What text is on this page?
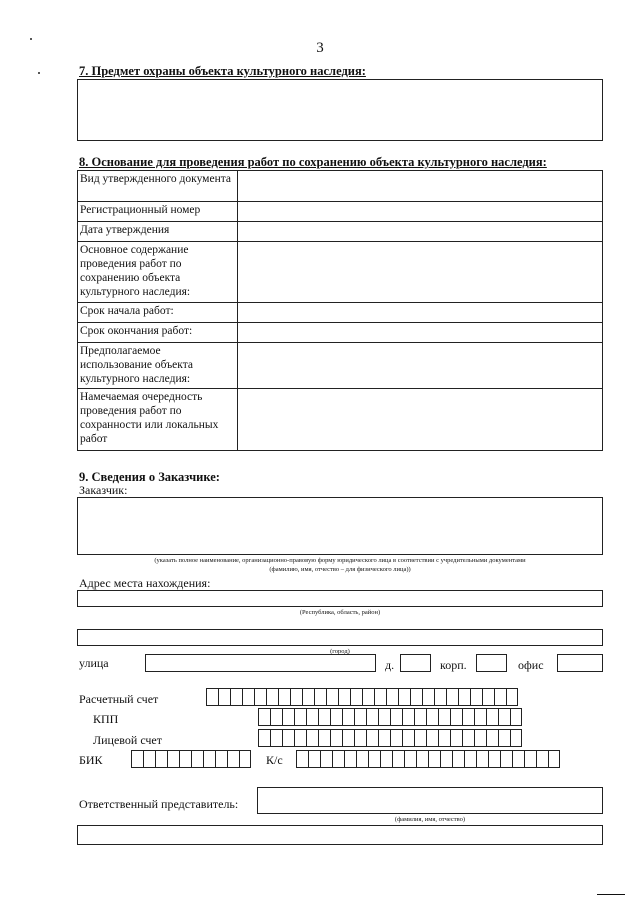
3
7. Предмет охраны объекта культурного наследия:
8. Основание для проведения работ по сохранению объекта культурного наследия:
Вид утвержденного документа	
Регистрационный номер	
Дата утверждения	
Основное содержание проведения работ по сохранению объекта культурного наследия:	
Срок начала работ:	
Срок окончания работ:	
Предполагаемое использование объекта культурного наследия:	
Намечаемая очередность проведения работ по сохранности или локальных работ	
9. Сведения о Заказчике:
Заказчик:
(указать полное наименование, организационно-правовую форму юридического лица в соответствии с учредительными документами
(фамилию, имя, отчество – для физического лица))
Адрес места нахождения:
(Республика, область, район)
(город)
улица	д.	корп.	офис
Расчетный счет
КПП
Лицевой счет
БИК	К/с
Ответственный представитель:
(фамилия, имя, отчество)
